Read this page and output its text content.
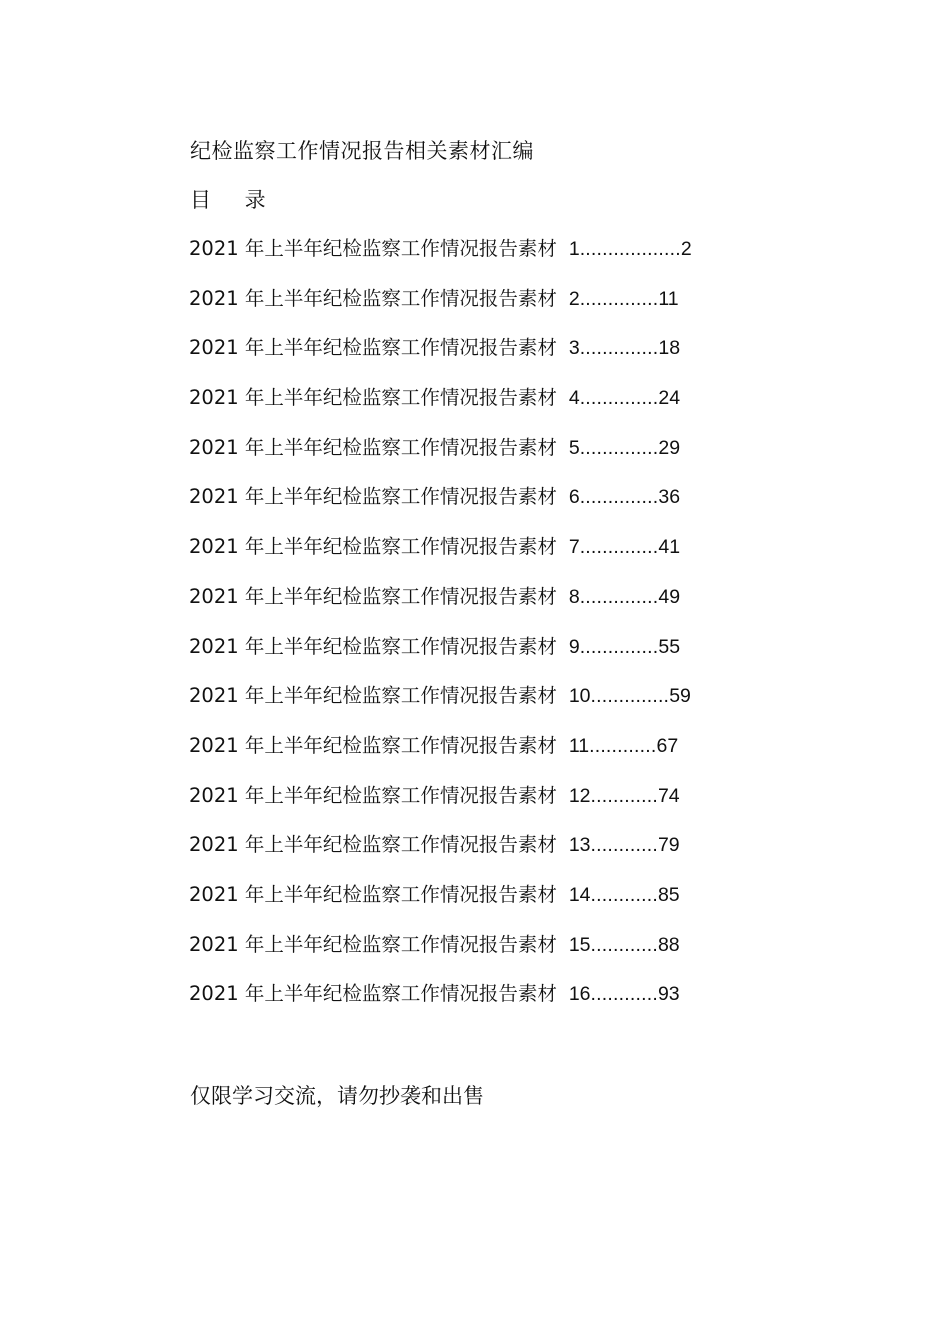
纪检监察工作情况报告相关素材汇编
目　 录
2021 年上半年纪检监察工作情况报告素材 1 .................. 2
2021 年上半年纪检监察工作情况报告素材 2 .............. 11
2021 年上半年纪检监察工作情况报告素材 3 .............. 18
2021 年上半年纪检监察工作情况报告素材 4 .............. 24
2021 年上半年纪检监察工作情况报告素材 5 .............. 29
2021 年上半年纪检监察工作情况报告素材 6 .............. 36
2021 年上半年纪检监察工作情况报告素材 7 .............. 41
2021 年上半年纪检监察工作情况报告素材 8 .............. 49
2021 年上半年纪检监察工作情况报告素材 9 .............. 55
2021 年上半年纪检监察工作情况报告素材 10 .............. 59
2021 年上半年纪检监察工作情况报告素材 11 ............ 67
2021 年上半年纪检监察工作情况报告素材 12 ............ 74
2021 年上半年纪检监察工作情况报告素材 13 ............ 79
2021 年上半年纪检监察工作情况报告素材 14 ............ 85
2021 年上半年纪检监察工作情况报告素材 15 ............ 88
2021 年上半年纪检监察工作情况报告素材 16 ............ 93
仅限学习交流，请勿抄袭和出售
